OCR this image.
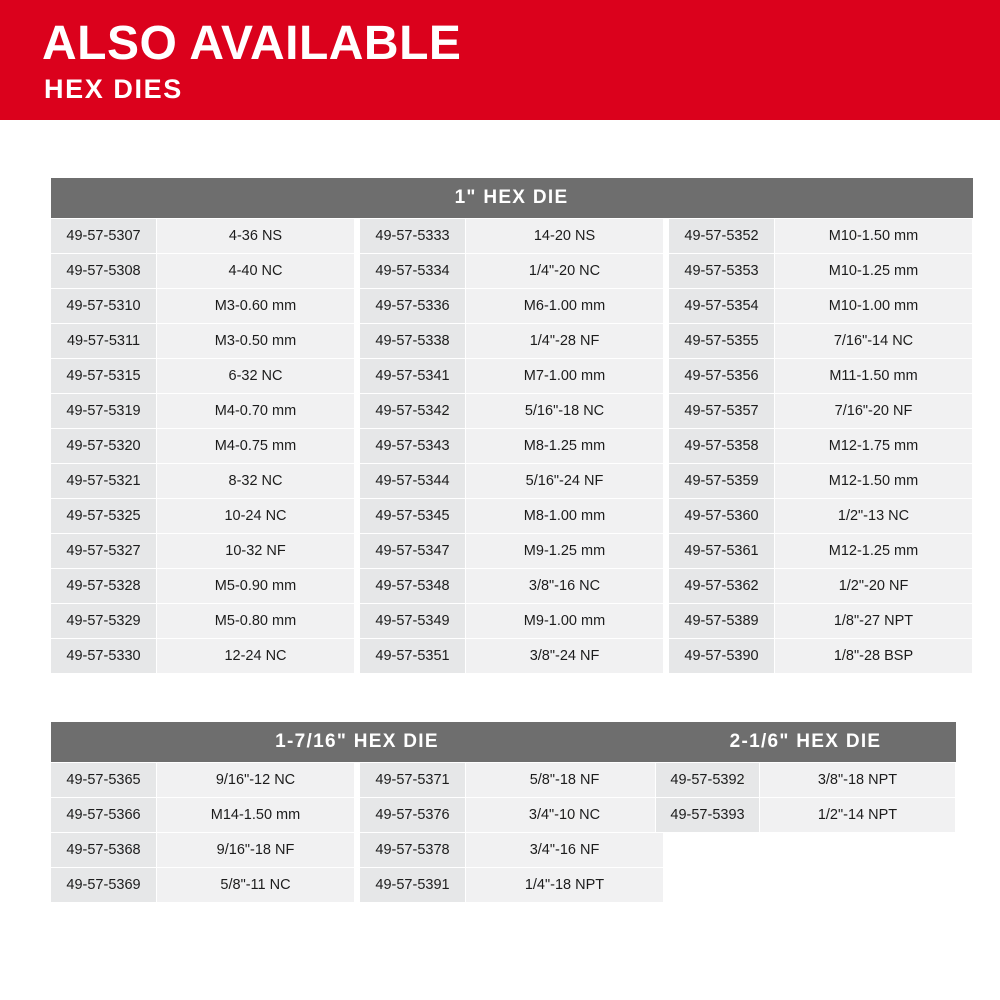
ALSO AVAILABLE
HEX DIES
1" HEX DIE							
49-57-5307	4-36 NS		49-57-5333	14-20 NS		49-57-5352	M10-1.50 mm
49-57-5308	4-40 NC		49-57-5334	1/4"-20 NC		49-57-5353	M10-1.25 mm
49-57-5310	M3-0.60 mm		49-57-5336	M6-1.00 mm		49-57-5354	M10-1.00 mm
49-57-5311	M3-0.50 mm		49-57-5338	1/4"-28 NF		49-57-5355	7/16"-14 NC
49-57-5315	6-32 NC		49-57-5341	M7-1.00 mm		49-57-5356	M11-1.50 mm
49-57-5319	M4-0.70 mm		49-57-5342	5/16"-18 NC		49-57-5357	7/16"-20 NF
49-57-5320	M4-0.75 mm		49-57-5343	M8-1.25 mm		49-57-5358	M12-1.75 mm
49-57-5321	8-32 NC		49-57-5344	5/16"-24 NF		49-57-5359	M12-1.50 mm
49-57-5325	10-24 NC		49-57-5345	M8-1.00 mm		49-57-5360	1/2"-13 NC
49-57-5327	10-32 NF		49-57-5347	M9-1.25 mm		49-57-5361	M12-1.25 mm
49-57-5328	M5-0.90 mm		49-57-5348	3/8"-16 NC		49-57-5362	1/2"-20 NF
49-57-5329	M5-0.80 mm		49-57-5349	M9-1.00 mm		49-57-5389	1/8"-27 NPT
49-57-5330	12-24 NC		49-57-5351	3/8"-24 NF		49-57-5390	1/8"-28 BSP
1-7/16" HEX DIE				
49-57-5365	9/16"-12 NC		49-57-5371	5/8"-18 NF
49-57-5366	M14-1.50 mm		49-57-5376	3/4"-10 NC
49-57-5368	9/16"-18 NF		49-57-5378	3/4"-16 NF
49-57-5369	5/8"-11 NC		49-57-5391	1/4"-18 NPT
2-1/6" HEX DIE	
49-57-5392	3/8"-18 NPT
49-57-5393	1/2"-14 NPT
